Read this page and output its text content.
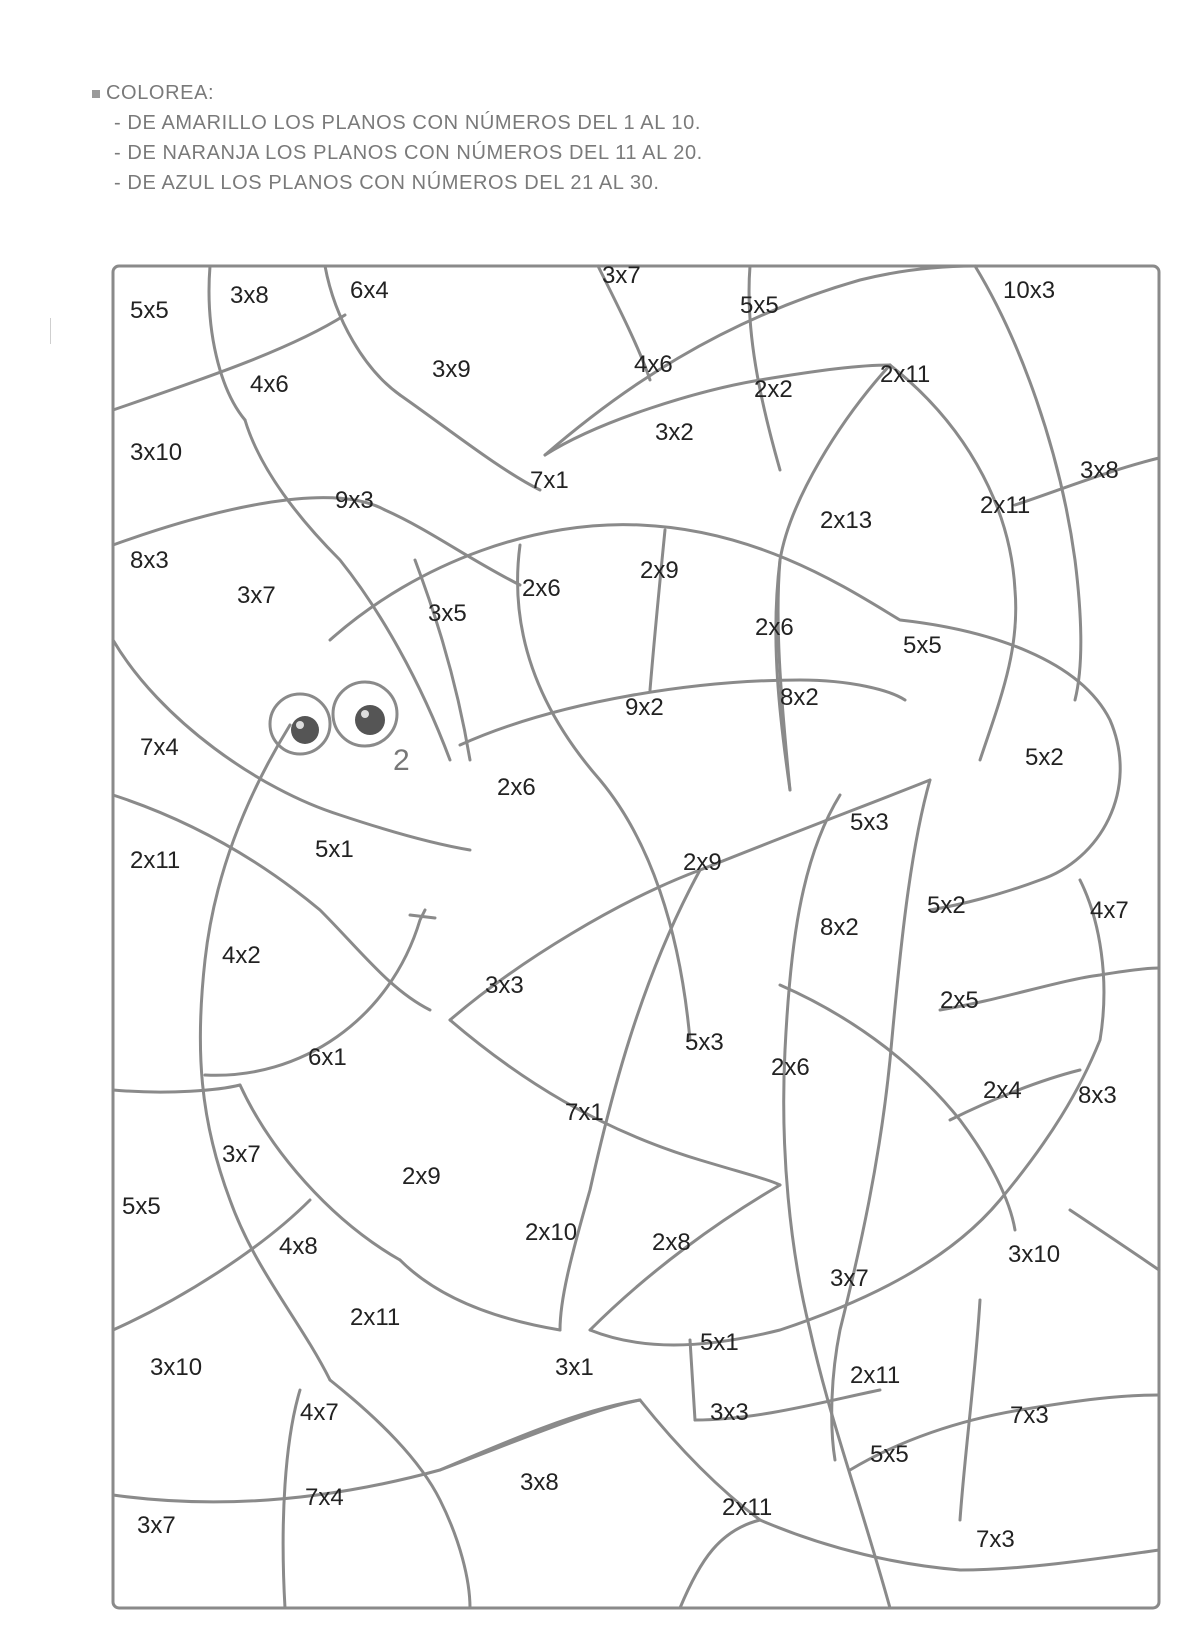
COLOREA:
- DE AMARILLO LOS PLANOS CON NÚMEROS DEL 1 AL 10.
- DE NARANJA LOS PLANOS CON NÚMEROS DEL 11 AL 20.
- DE AZUL LOS PLANOS CON NÚMEROS DEL 21 AL 30.
2
5x5
3x8	6x4
3x7
5x5
10x3
4x6
3x9	4x6
2x2
2x11
3x10
3x2
9x3
7x1
2x13
2x11
3x8
8x3
3x7
3x5
2x6
2x9
2x6
5x5
9x2	8x2
7x4
2x6
5x2
5x3
2x11	5x1	2x9
5x2	4x7
8x2
4x2
3x3
2x5
6x1
5x3
2x6
2x4 8x3
7x1
3x7
2x9
5x5
2x10	2x8
4x8
3x7
3x10
2x11
5x1
3x10	3x1	2x11
4x7	3x3	7x3
5x5
3x8
3x7
7x4	2x11
7x3
